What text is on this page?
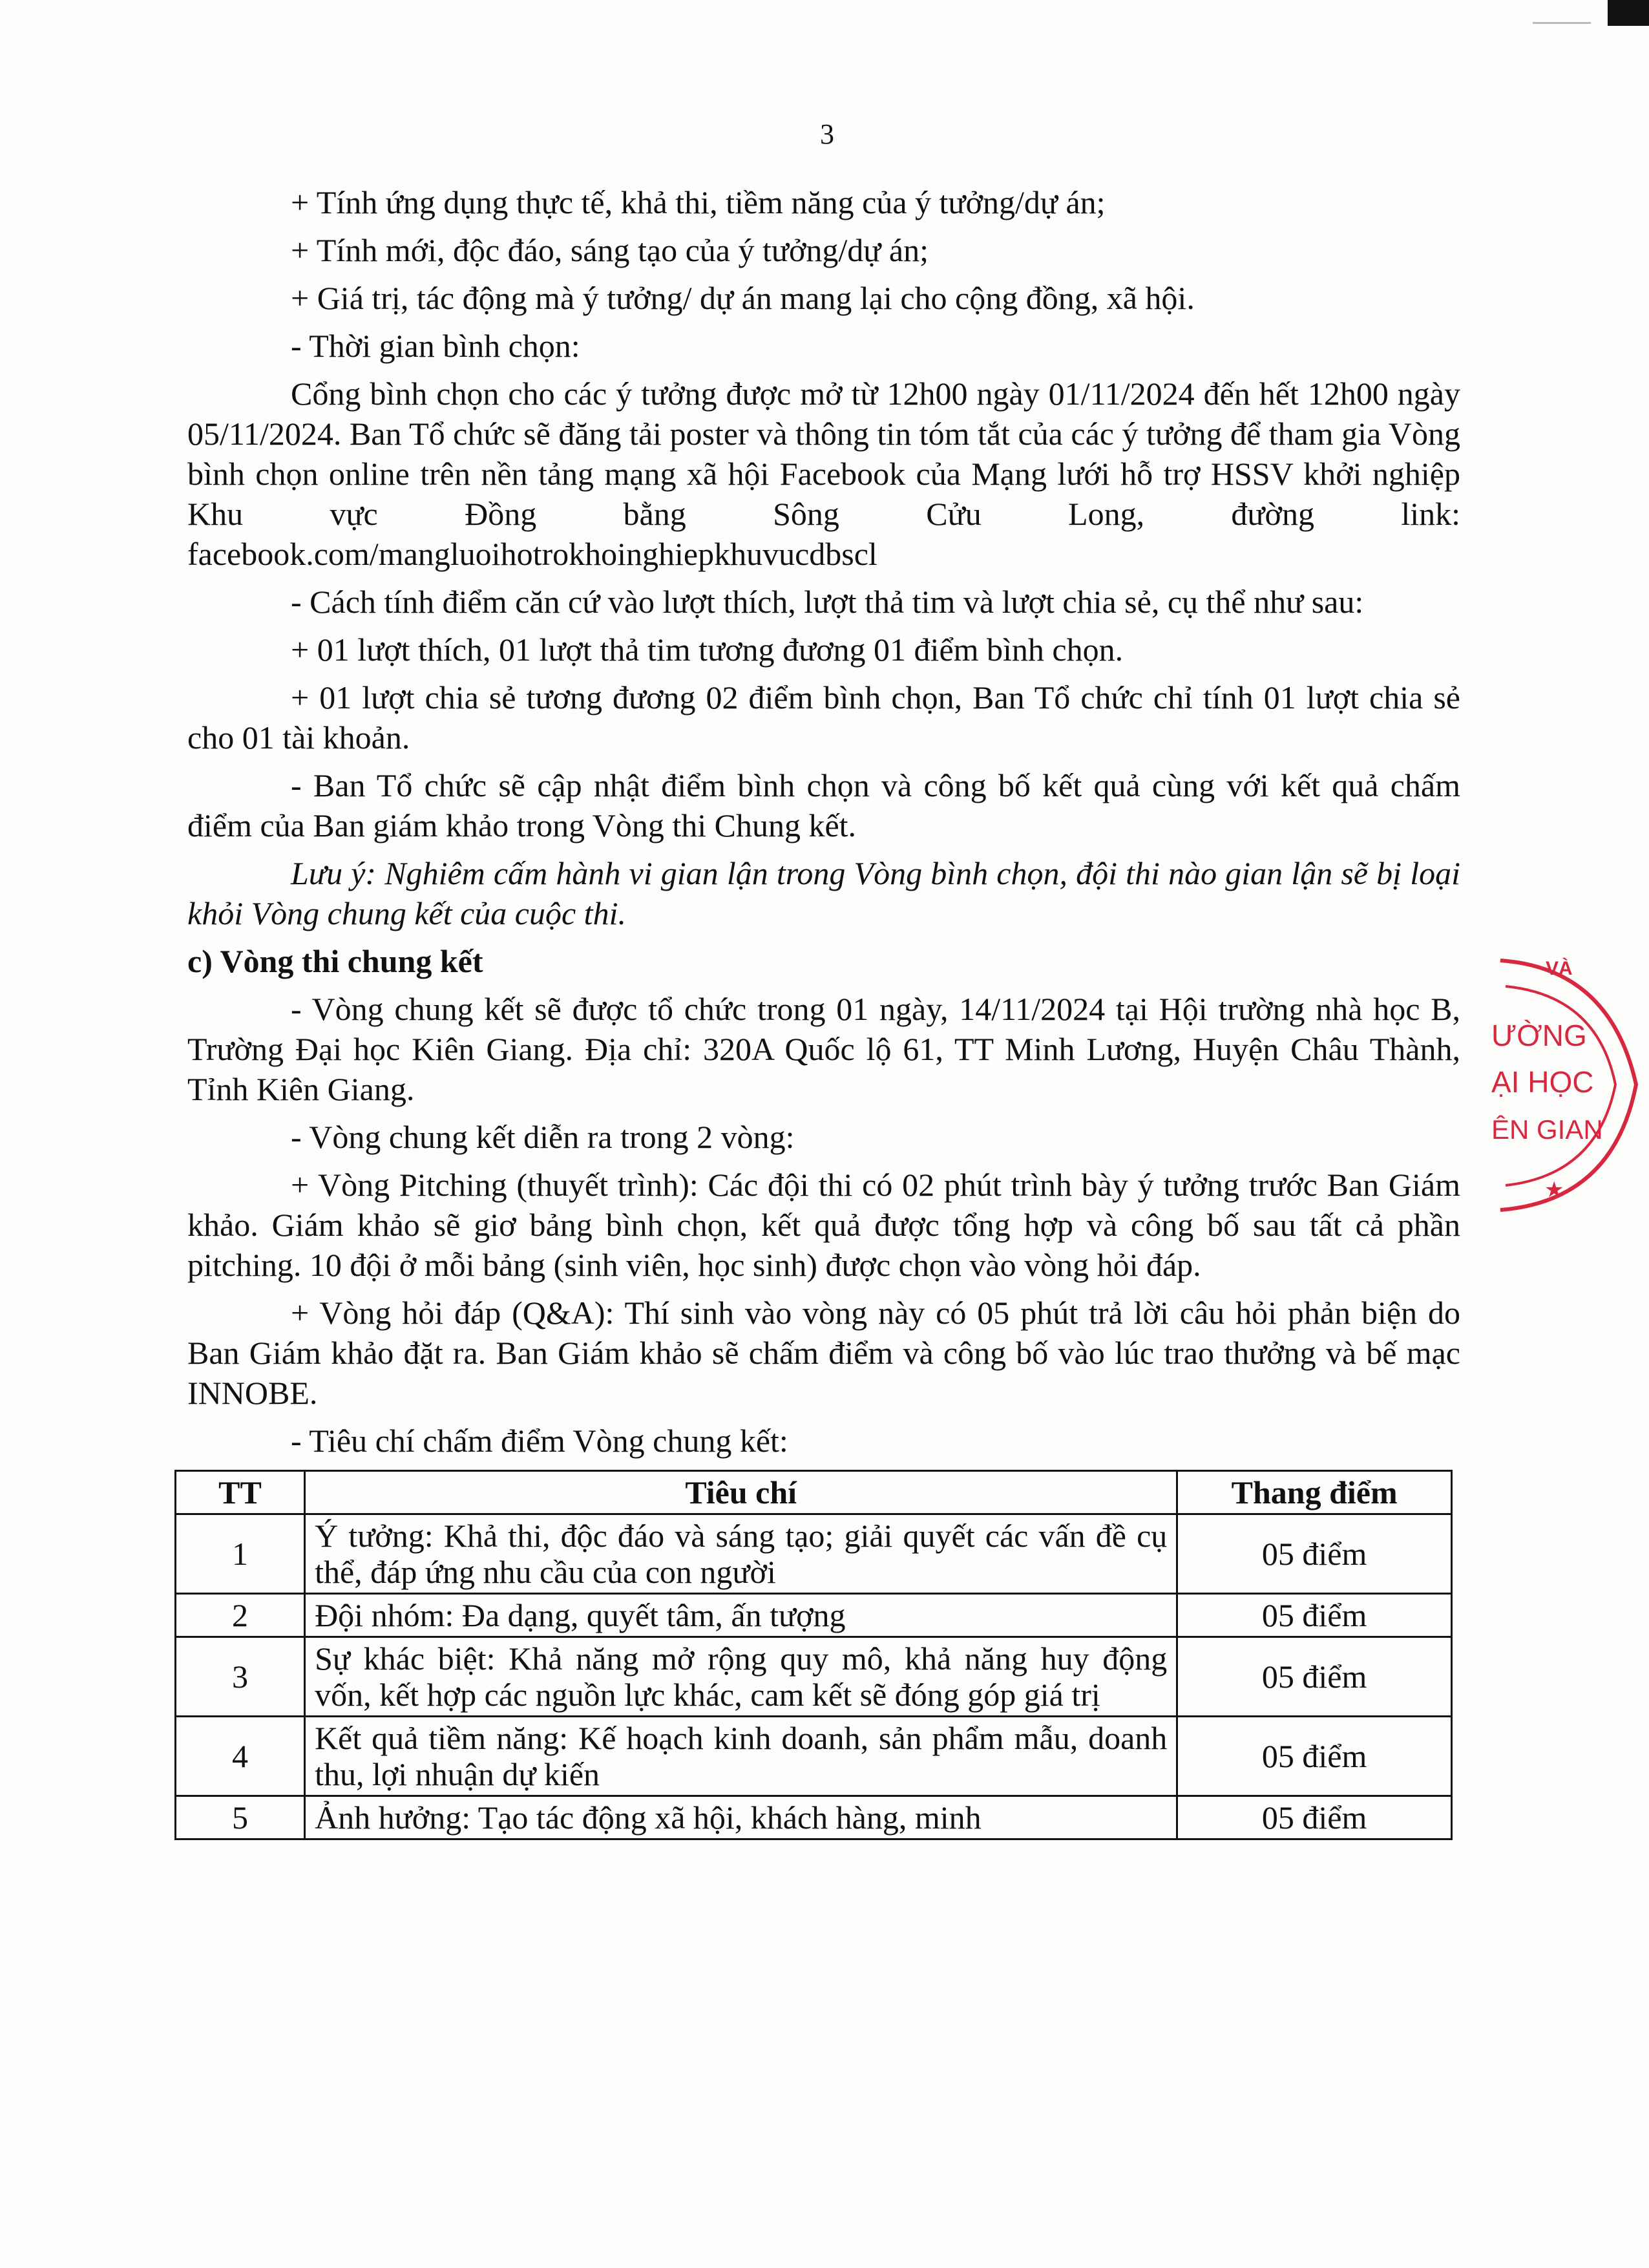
3

+ Tính ứng dụng thực tế, khả thi, tiềm năng của ý tưởng/dự án;

+ Tính mới, độc đáo, sáng tạo của ý tưởng/dự án;

+ Giá trị, tác động mà ý tưởng/ dự án mang lại cho cộng đồng, xã hội.

- Thời gian bình chọn:

Cổng bình chọn cho các ý tưởng được mở từ 12h00 ngày 01/11/2024 đến hết 12h00 ngày 05/11/2024. Ban Tổ chức sẽ đăng tải poster và thông tin tóm tắt của các ý tưởng để tham gia Vòng bình chọn online trên nền tảng mạng xã hội Facebook của Mạng lưới hỗ trợ HSSV khởi nghiệp Khu vực Đồng bằng Sông Cửu Long, đường link: facebook.com/mangluoihotrokhoinghiepkhuvucdbscl

- Cách tính điểm căn cứ vào lượt thích, lượt thả tim và lượt chia sẻ, cụ thể như sau:

+ 01 lượt thích, 01 lượt thả tim tương đương 01 điểm bình chọn.

+ 01 lượt chia sẻ tương đương 02 điểm bình chọn, Ban Tổ chức chỉ tính 01 lượt chia sẻ cho 01 tài khoản.

- Ban Tổ chức sẽ cập nhật điểm bình chọn và công bố kết quả cùng với kết quả chấm điểm của Ban giám khảo trong Vòng thi Chung kết.

Lưu ý: Nghiêm cấm hành vi gian lận trong Vòng bình chọn, đội thi nào gian lận sẽ bị loại khỏi Vòng chung kết của cuộc thi.

c) Vòng thi chung kết

- Vòng chung kết sẽ được tổ chức trong 01 ngày, 14/11/2024 tại Hội trường nhà học B, Trường Đại học Kiên Giang. Địa chỉ: 320A Quốc lộ 61, TT Minh Lương, Huyện Châu Thành, Tỉnh Kiên Giang.

- Vòng chung kết diễn ra trong 2 vòng:

+ Vòng Pitching (thuyết trình): Các đội thi có 02 phút trình bày ý tưởng trước Ban Giám khảo. Giám khảo sẽ giơ bảng bình chọn, kết quả được tổng hợp và công bố sau tất cả phần pitching. 10 đội ở mỗi bảng (sinh viên, học sinh) được chọn vào vòng hỏi đáp.

+ Vòng hỏi đáp (Q&A): Thí sinh vào vòng này có 05 phút trả lời câu hỏi phản biện do Ban Giám khảo đặt ra. Ban Giám khảo sẽ chấm điểm và công bố vào lúc trao thưởng và bế mạc INNOBE.

- Tiêu chí chấm điểm Vòng chung kết:

TT	Tiêu chí	Thang điểm
1	Ý tưởng: Khả thi, độc đáo và sáng tạo; giải quyết các vấn đề cụ thể, đáp ứng nhu cầu của con người	05 điểm
2	Đội nhóm: Đa dạng, quyết tâm, ấn tượng	05 điểm
3	Sự khác biệt: Khả năng mở rộng quy mô, khả năng huy động vốn, kết hợp các nguồn lực khác, cam kết sẽ đóng góp giá trị	05 điểm
4	Kết quả tiềm năng: Kế hoạch kinh doanh, sản phẩm mẫu, doanh thu, lợi nhuận dự kiến	05 điểm
5	Ảnh hưởng: Tạo tác động xã hội, khách hàng, minh	05 điểm
VÀ
ƯỜNG
ẠI HỌC
ÊN GIAN
★
